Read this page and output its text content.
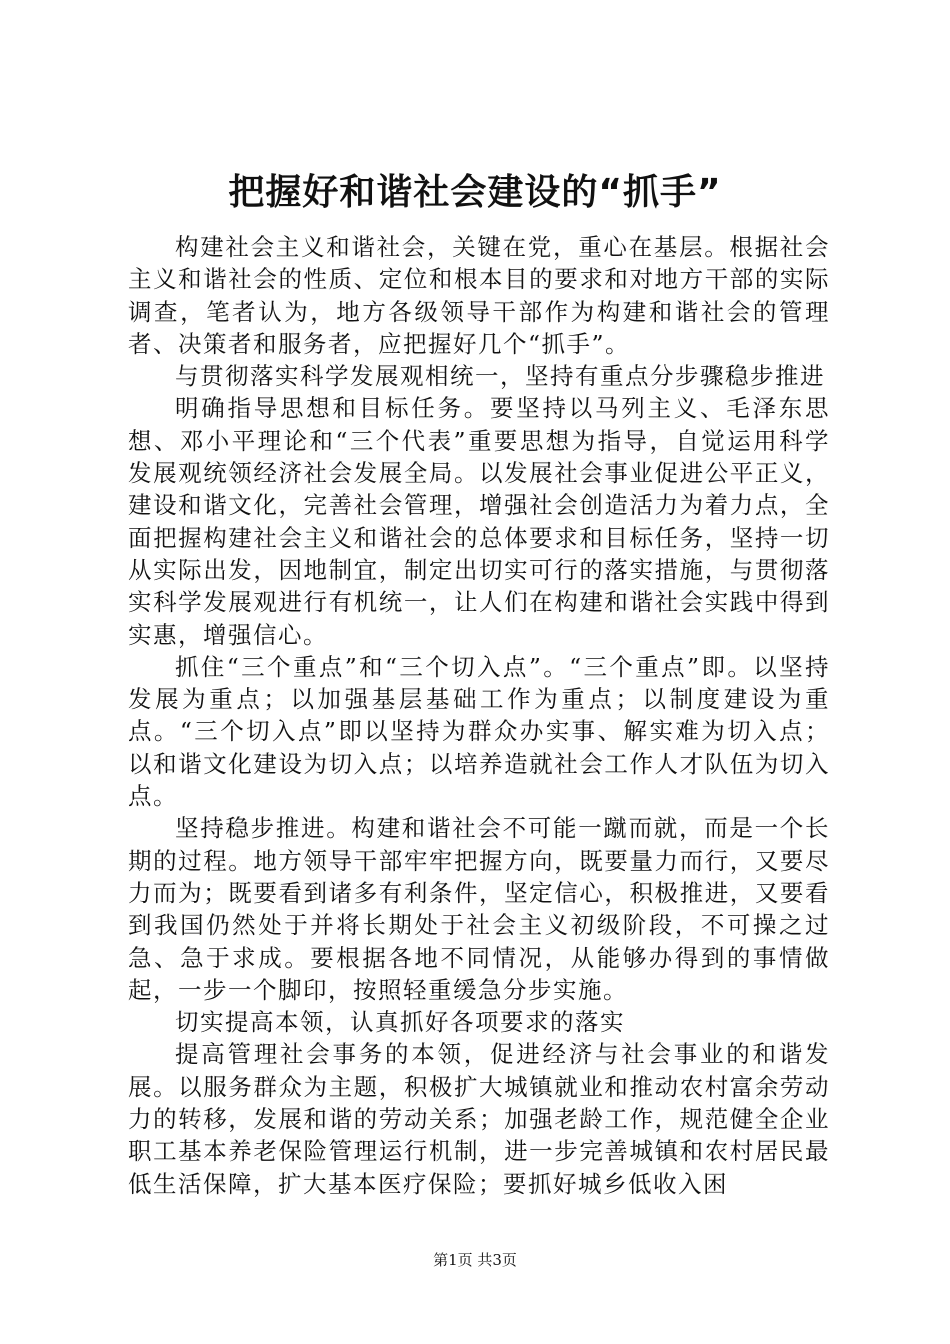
把握好和谐社会建设的“抓手”

构建社会主义和谐社会，关键在党，重心在基层。根据社会主义和谐社会的性质、定位和根本目的要求和对地方干部的实际调查，笔者认为，地方各级领导干部作为构建和谐社会的管理者、决策者和服务者，应把握好几个“抓手”。

与贯彻落实科学发展观相统一，坚持有重点分步骤稳步推进

明确指导思想和目标任务。要坚持以马列主义、毛泽东思想、邓小平理论和“三个代表”重要思想为指导，自觉运用科学发展观统领经济社会发展全局。以发展社会事业促进公平正义，建设和谐文化，完善社会管理，增强社会创造活力为着力点，全面把握构建社会主义和谐社会的总体要求和目标任务，坚持一切从实际出发，因地制宜，制定出切实可行的落实措施，与贯彻落实科学发展观进行有机统一，让人们在构建和谐社会实践中得到实惠，增强信心。

抓住“三个重点”和“三个切入点”。“三个重点”即。以坚持发展为重点；以加强基层基础工作为重点；以制度建设为重点。“三个切入点”即以坚持为群众办实事、解实难为切入点；以和谐文化建设为切入点；以培养造就社会工作人才队伍为切入点。

坚持稳步推进。构建和谐社会不可能一蹴而就，而是一个长期的过程。地方领导干部牢牢把握方向，既要量力而行，又要尽力而为；既要看到诸多有利条件，坚定信心，积极推进，又要看到我国仍然处于并将长期处于社会主义初级阶段，不可操之过急、急于求成。要根据各地不同情况，从能够办得到的事情做起，一步一个脚印，按照轻重缓急分步实施。

切实提高本领，认真抓好各项要求的落实

提高管理社会事务的本领，促进经济与社会事业的和谐发展。以服务群众为主题，积极扩大城镇就业和推动农村富余劳动力的转移，发展和谐的劳动关系；加强老龄工作，规范健全企业职工基本养老保险管理运行机制，进一步完善城镇和农村居民最低生活保障，扩大基本医疗保险；要抓好城乡低收入困

第1页 共3页
